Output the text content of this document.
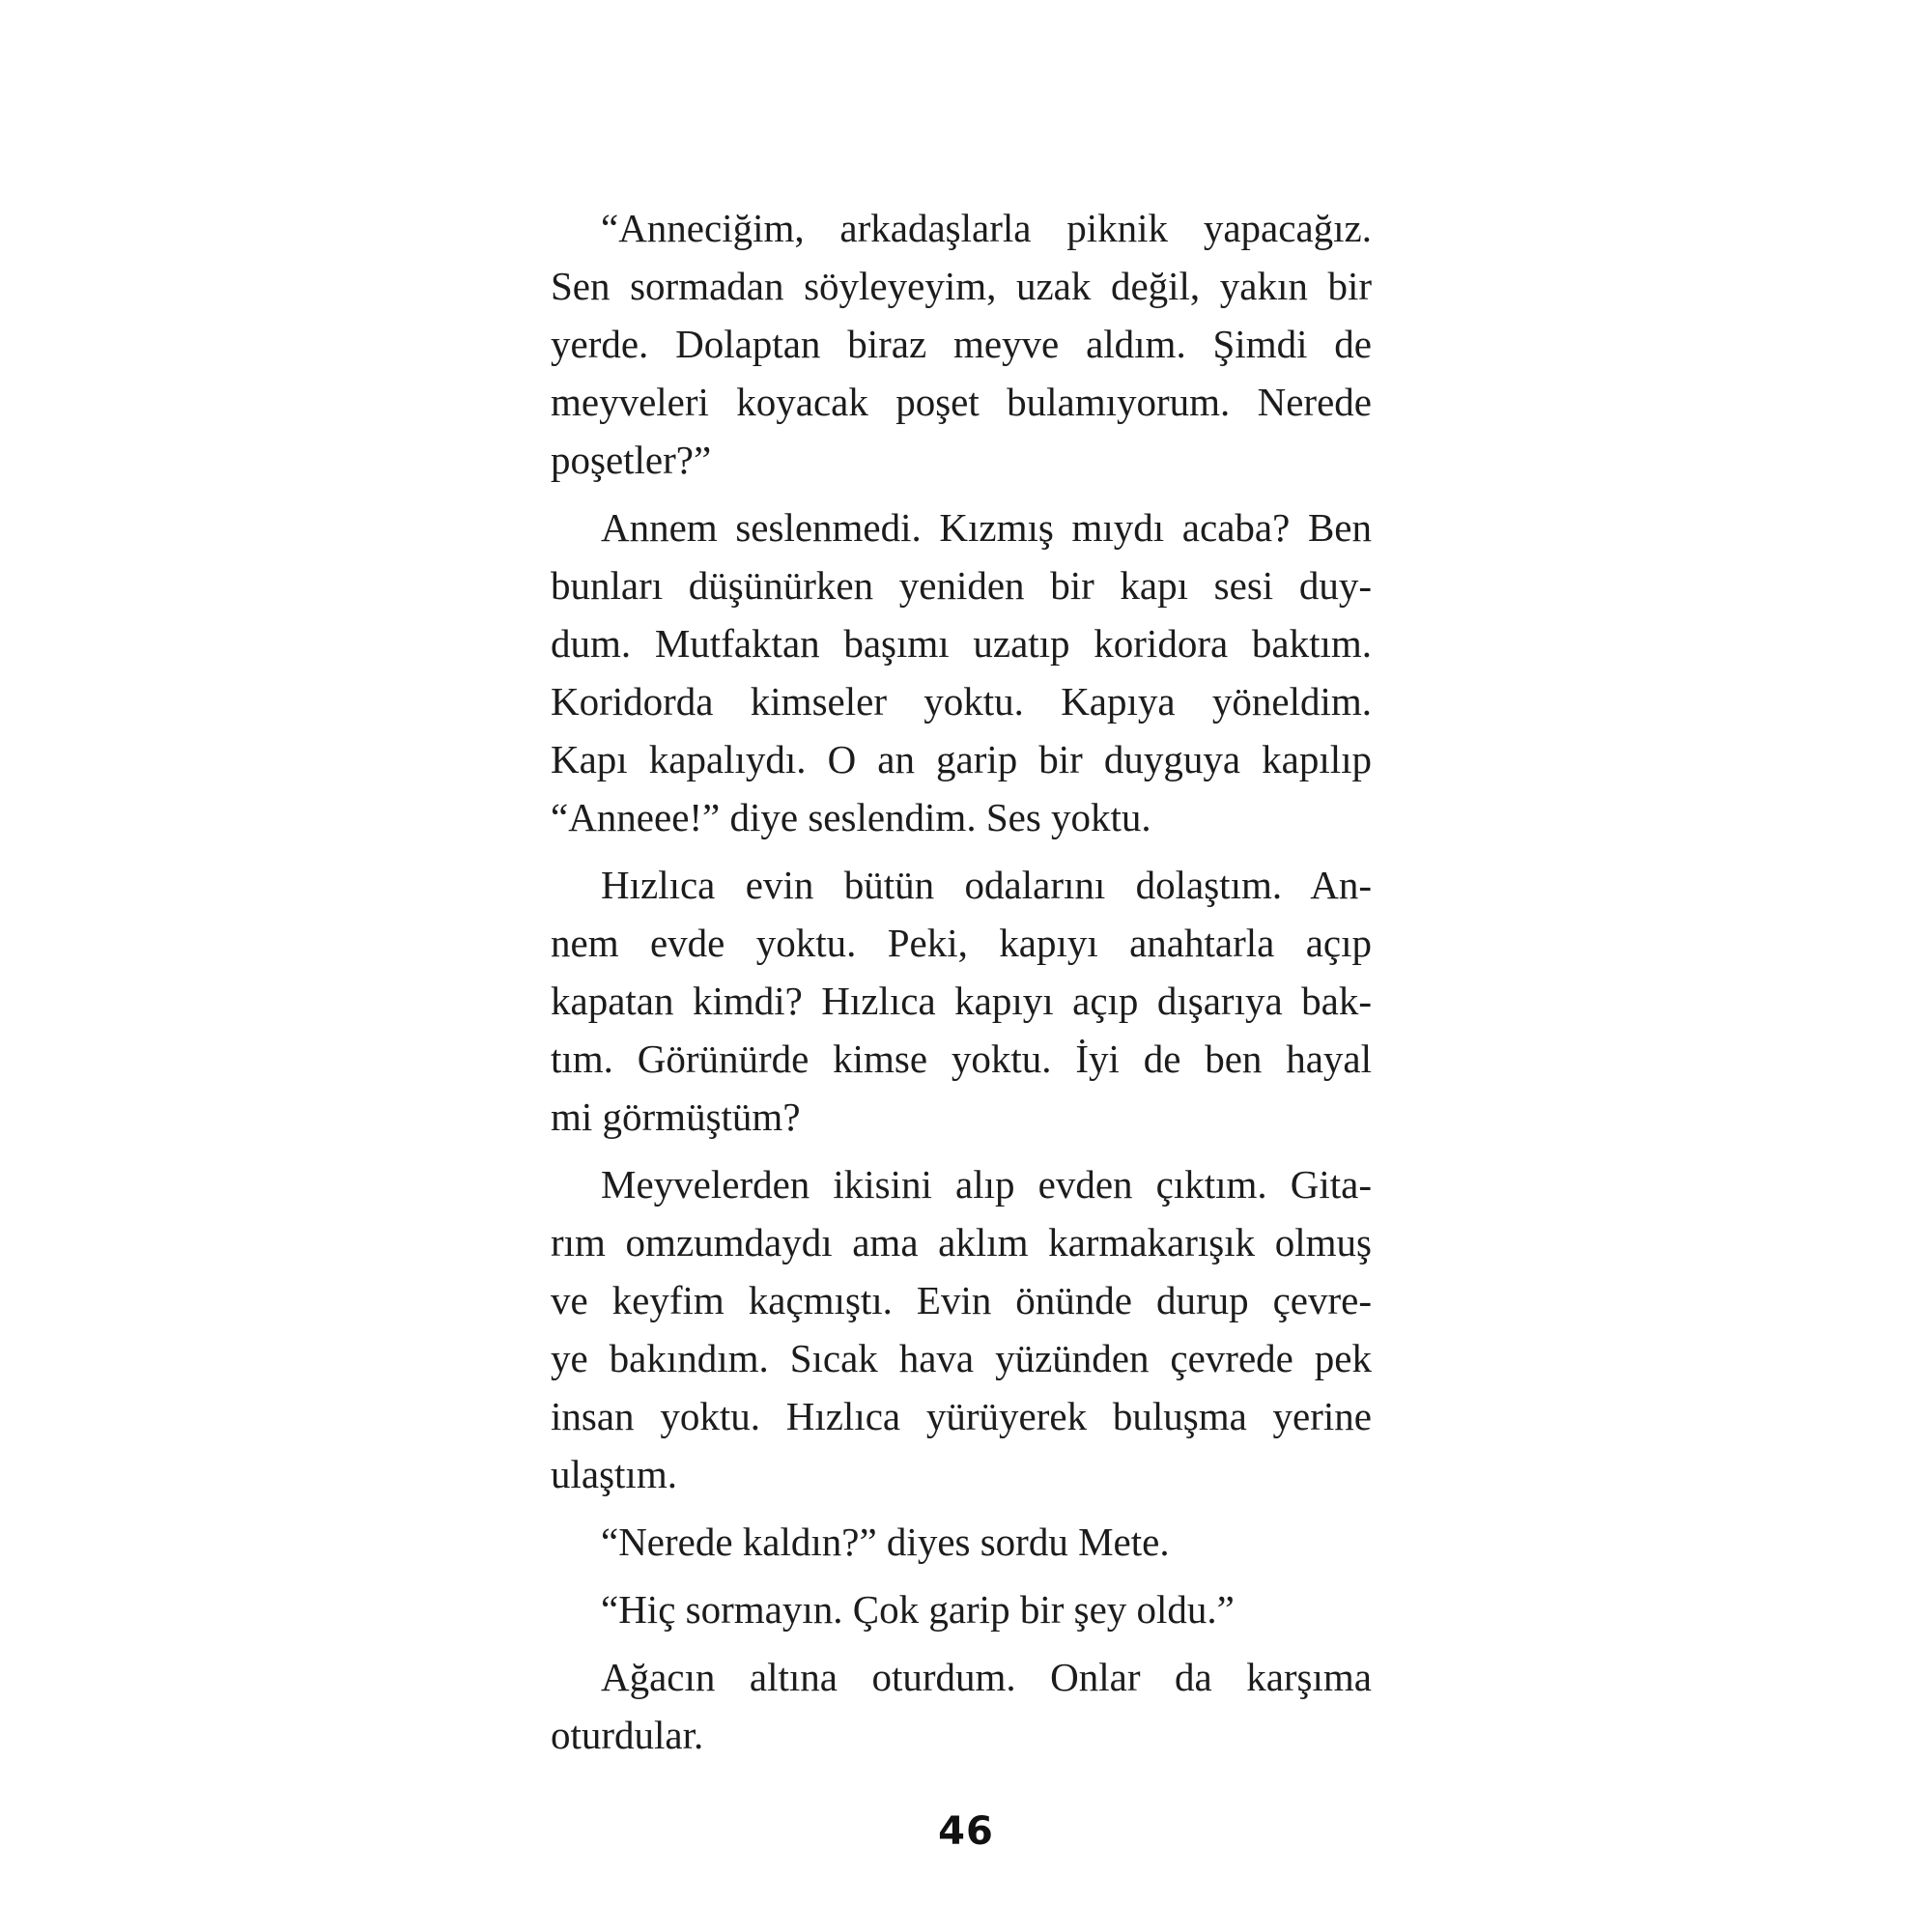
“Anneciğim, arkadaşlarla piknik yapacağız.
Sen sormadan söyleyeyim, uzak değil, yakın bir
yerde. Dolaptan biraz meyve aldım. Şimdi de
meyveleri koyacak poşet bulamıyorum. Nerede
poşetler?”
Annem seslenmedi. Kızmış mıydı acaba? Ben
bunları düşünürken yeniden bir kapı sesi duy-
dum. Mutfaktan başımı uzatıp koridora baktım.
Koridorda kimseler yoktu. Kapıya yöneldim.
Kapı kapalıydı. O an garip bir duyguya kapılıp
“Anneee!” diye seslendim. Ses yoktu.
Hızlıca evin bütün odalarını dolaştım. An-
nem evde yoktu. Peki, kapıyı anahtarla açıp
kapatan kimdi? Hızlıca kapıyı açıp dışarıya bak-
tım. Görünürde kimse yoktu. İyi de ben hayal
mi görmüştüm?
Meyvelerden ikisini alıp evden çıktım. Gita-
rım omzumdaydı ama aklım karmakarışık olmuş
ve keyfim kaçmıştı. Evin önünde durup çevre-
ye bakındım. Sıcak hava yüzünden çevrede pek
insan yoktu. Hızlıca yürüyerek buluşma yerine
ulaştım.
“Nerede kaldın?” diyes sordu Mete.
“Hiç sormayın. Çok garip bir şey oldu.”
Ağacın altına oturdum. Onlar da karşıma
oturdular.
46
